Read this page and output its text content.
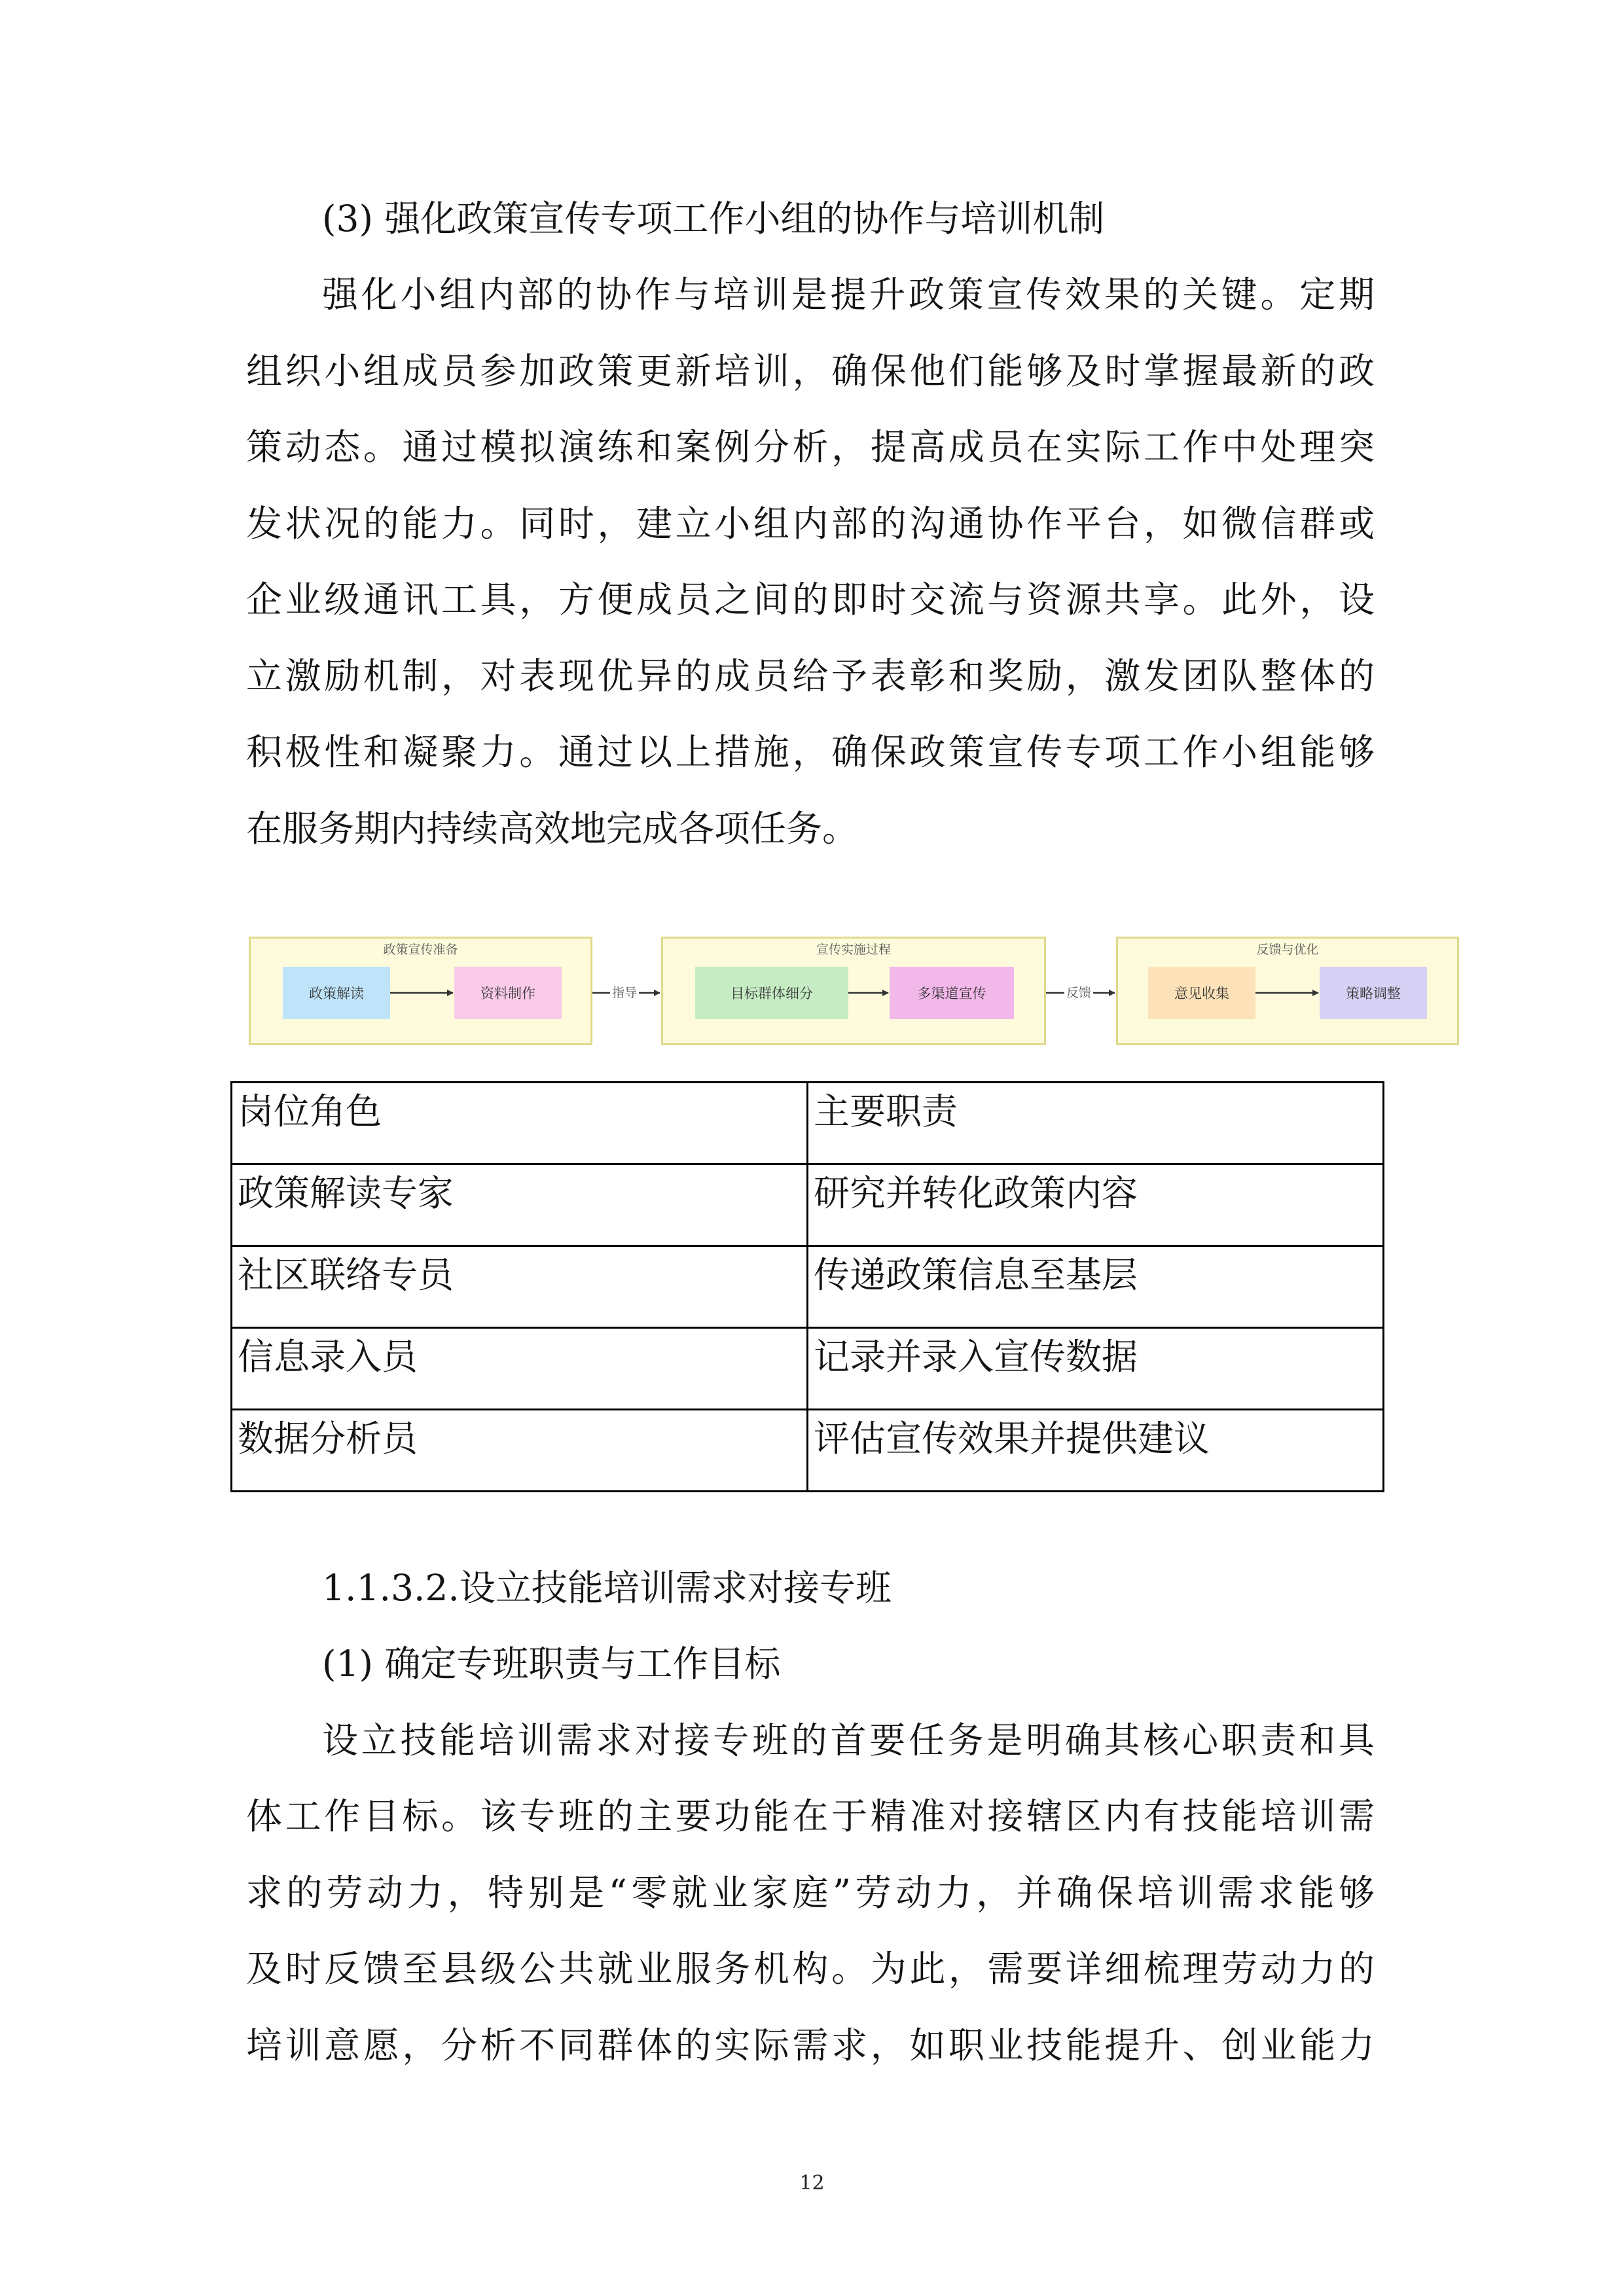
(3) 强化政策宣传专项工作小组的协作与培训机制
强化小组内部的协作与培训是提升政策宣传效果的关键。定期
组织小组成员参加政策更新培训，确保他们能够及时掌握最新的政
策动态。通过模拟演练和案例分析，提高成员在实际工作中处理突
发状况的能力。同时，建立小组内部的沟通协作平台，如微信群或
企业级通讯工具，方便成员之间的即时交流与资源共享。此外，设
立激励机制，对表现优异的成员给予表彰和奖励，激发团队整体的
积极性和凝聚力。通过以上措施，确保政策宣传专项工作小组能够
在服务期内持续高效地完成各项任务。
政策宣传准备	宣传实施过程	反馈与优化
政策解读	资料制作	目标群体细分	多渠道宣传	意见收集	策略调整
指导	反馈
岗位角色	主要职责
政策解读专家	研究并转化政策内容
社区联络专员	传递政策信息至基层
信息录入员	记录并录入宣传数据
数据分析员	评估宣传效果并提供建议
1.1.3.2.设立技能培训需求对接专班
(1) 确定专班职责与工作目标
设立技能培训需求对接专班的首要任务是明确其核心职责和具
体工作目标。该专班的主要功能在于精准对接辖区内有技能培训需
求的劳动力，特别是“零就业家庭”劳动力，并确保培训需求能够
及时反馈至县级公共就业服务机构。为此，需要详细梳理劳动力的
培训意愿，分析不同群体的实际需求，如职业技能提升、创业能力
12
